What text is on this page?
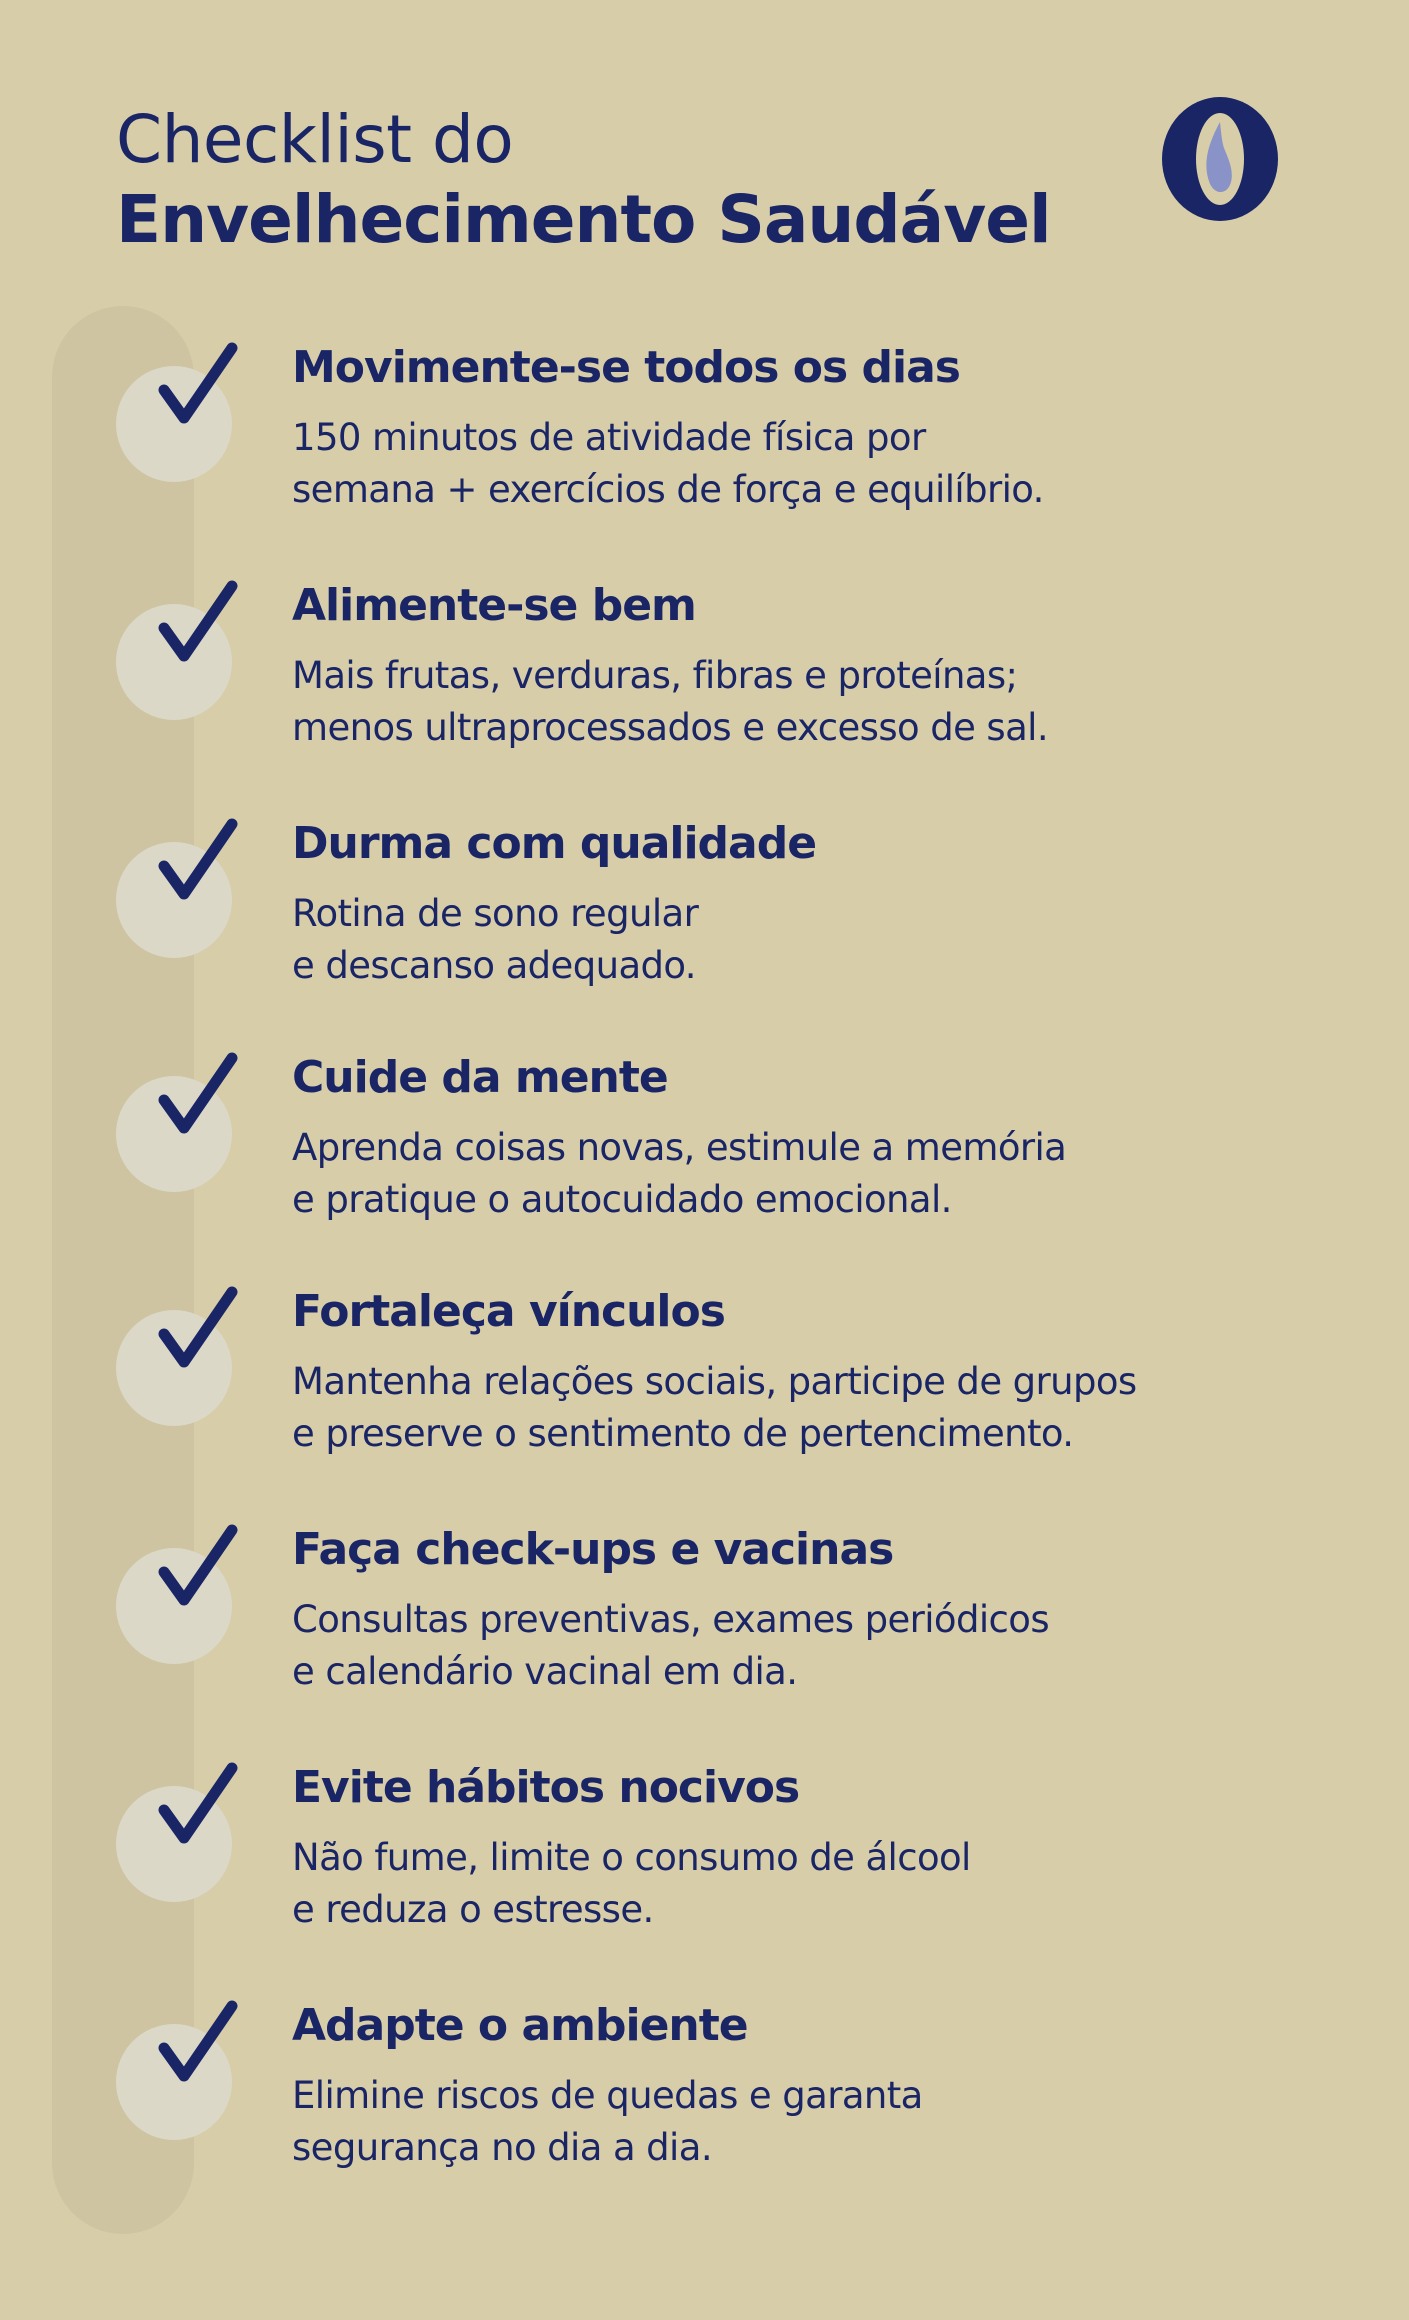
Checklist do
Envelhecimento Saudável
Movimente-se todos os dias
150 minutos de atividade física por
semana + exercícios de força e equilíbrio.
Alimente-se bem
Mais frutas, verduras, fibras e proteínas;
menos ultraprocessados e excesso de sal.
Durma com qualidade
Rotina de sono regular
e descanso adequado.
Cuide da mente
Aprenda coisas novas, estimule a memória
e pratique o autocuidado emocional.
Fortaleça vínculos
Mantenha relações sociais, participe de grupos
e preserve o sentimento de pertencimento.
Faça check-ups e vacinas
Consultas preventivas, exames periódicos
e calendário vacinal em dia.
Evite hábitos nocivos
Não fume, limite o consumo de álcool
e reduza o estresse.
Adapte o ambiente
Elimine riscos de quedas e garanta
segurança no dia a dia.
